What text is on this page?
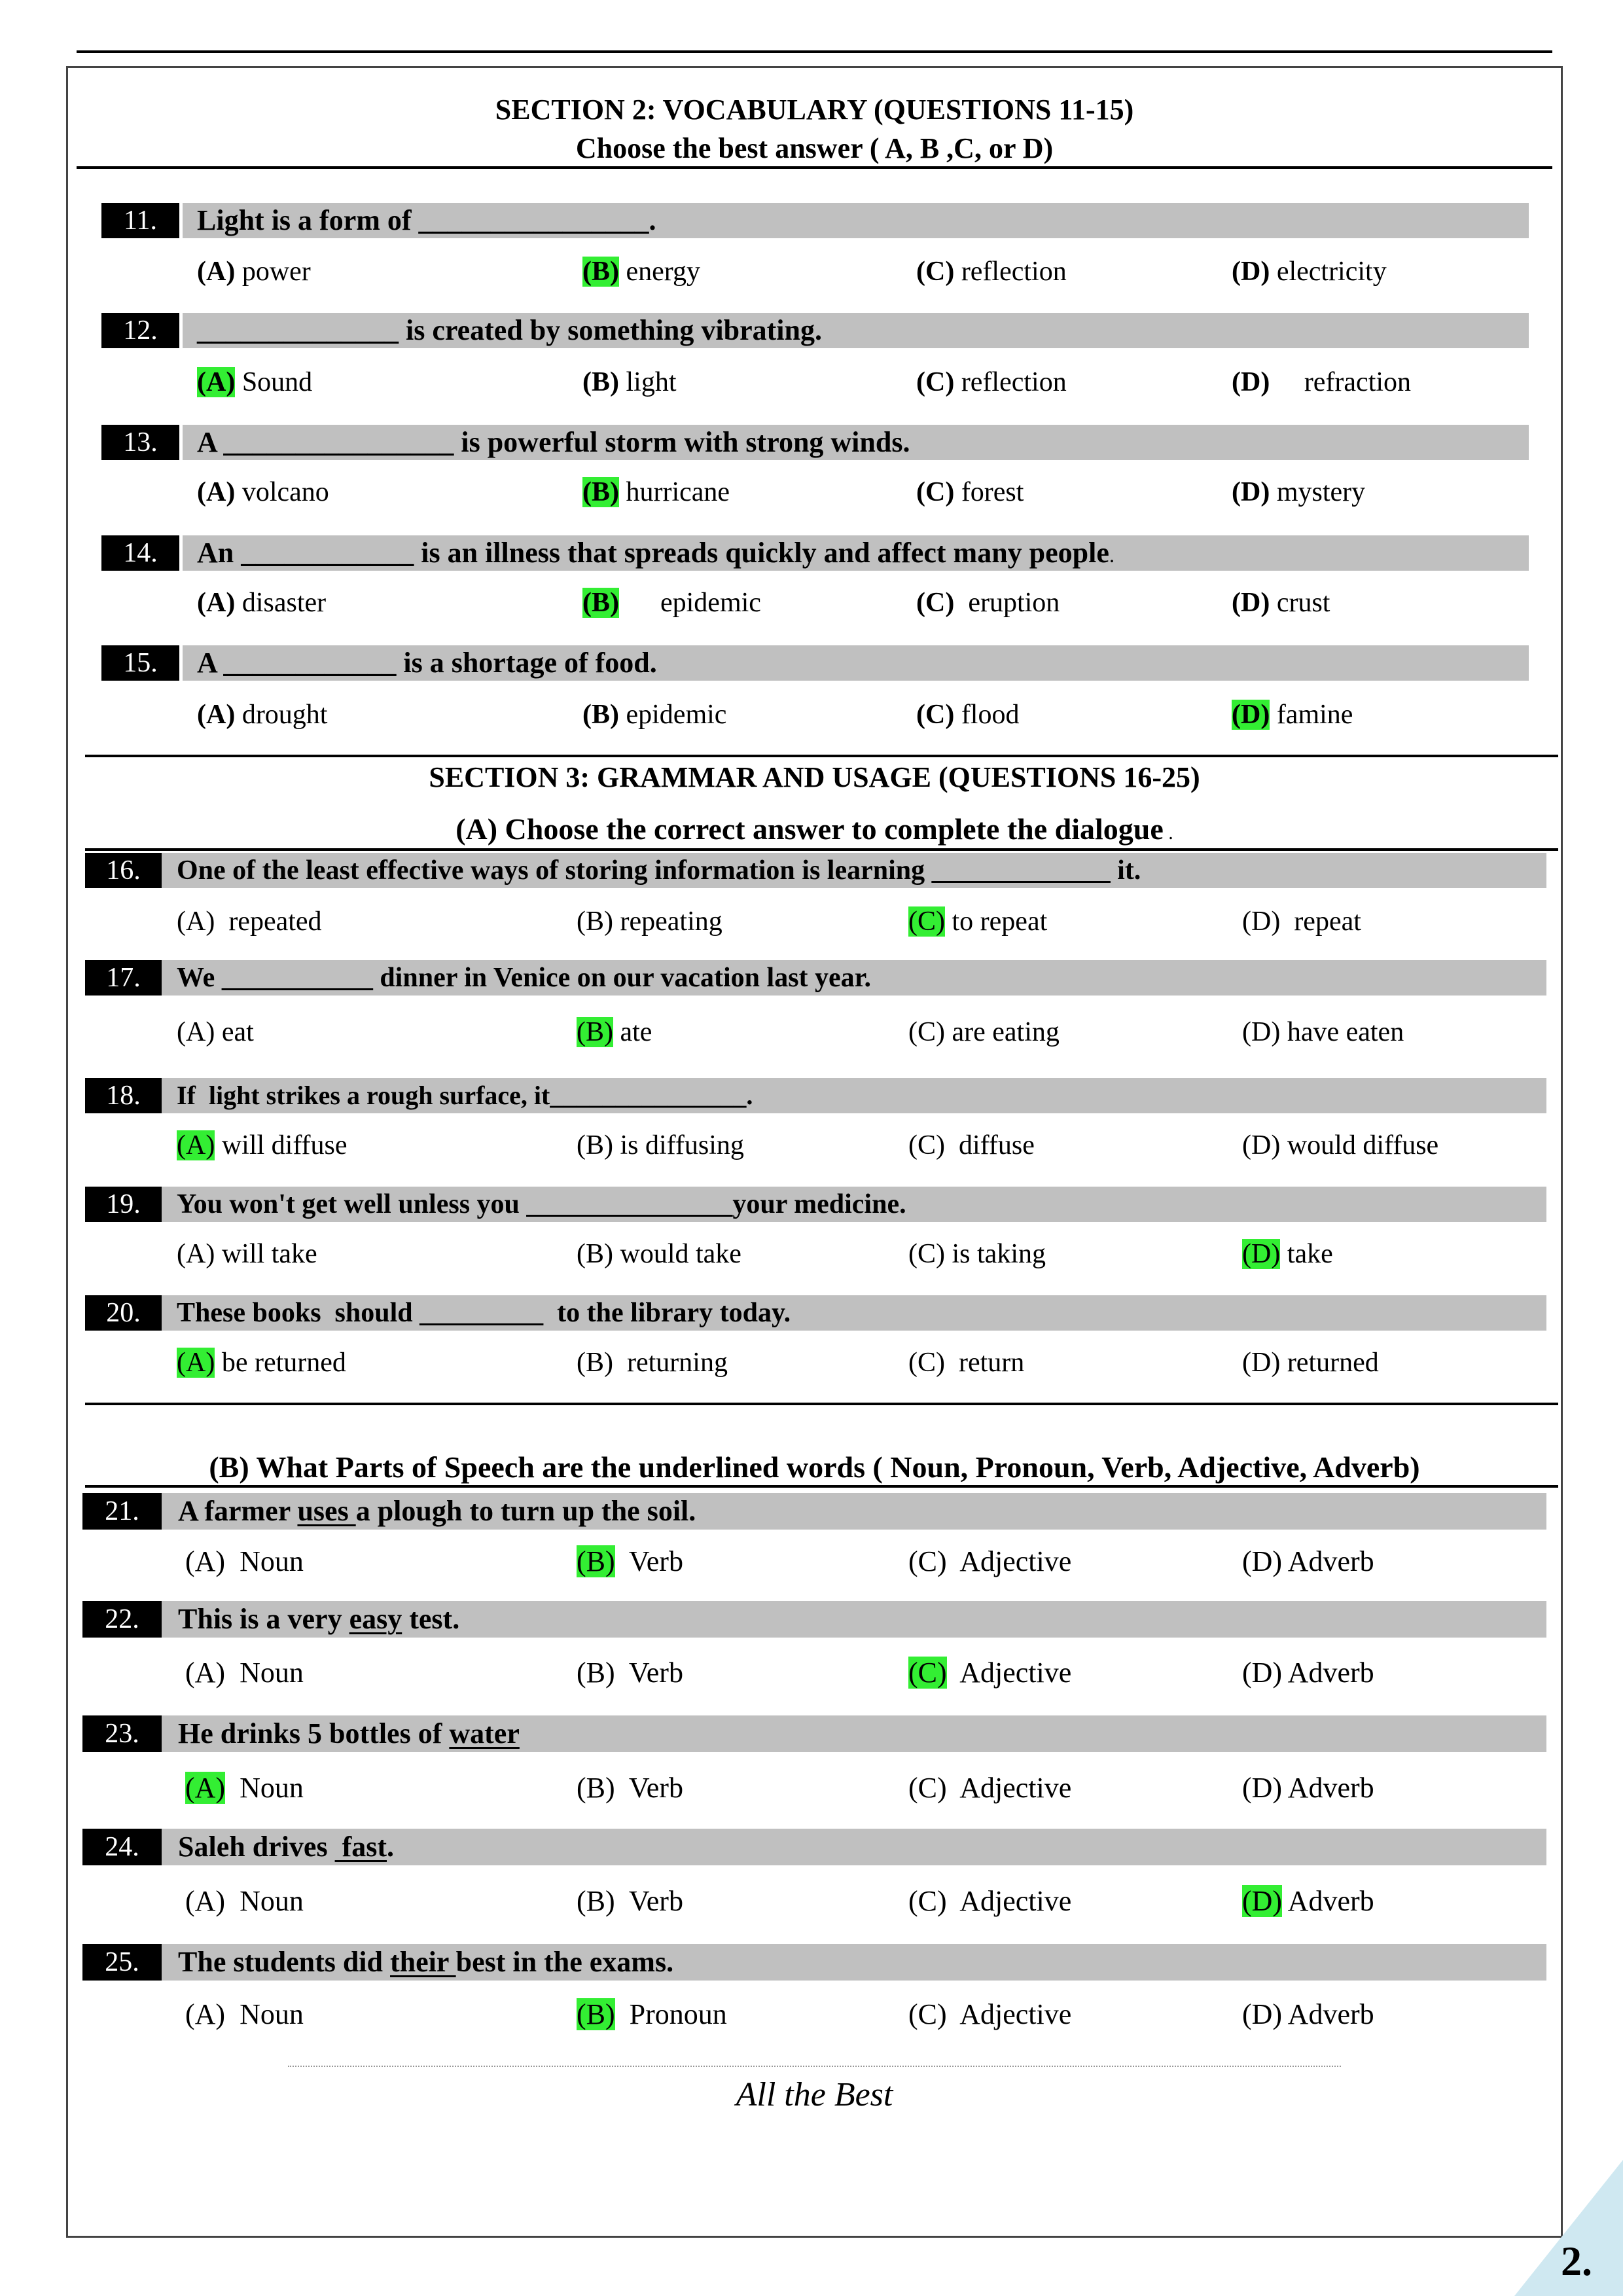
SECTION 2: VOCABULARY (QUESTIONS 11-15)
Choose the best answer ( A, B ,C, or D)
SECTION 3: GRAMMAR AND USAGE (QUESTIONS 16-25)
(A) Choose the correct answer to complete the dialogue .
(B) What Parts of Speech are the underlined words ( Noun, Pronoun, Verb, Adjective, Adverb)
All the Best
2.
11.	Light is a form of ________________.
(A) power	(B) energy	(C) reflection	(D) electricity
12.	______________ is created by something vibrating.
(A) Sound	(B) light	(C) reflection	(D)     refraction
13.	A ________________ is powerful storm with strong winds.
(A) volcano	(B) hurricane	(C) forest	(D) mystery
14.	An ____________ is an illness that spreads quickly and affect many people.
(A) disaster	(B)      epidemic	(C)  eruption	(D) crust
15.	A ____________ is a shortage of food.
(A) drought	(B) epidemic	(C) flood	(D) famine
16.	One of the least effective ways of storing information is learning _____________ it.
(A)  repeated	(B) repeating	(C) to repeat	(D)  repeat
17.	We ___________ dinner in Venice on our vacation last year.
(A) eat	(B) ate	(C) are eating	(D) have eaten
18.	If  light strikes a rough surface, it_______________.
(A) will diffuse	(B) is diffusing	(C)  diffuse	(D) would diffuse
19.	You won't get well unless you _______________your medicine.
(A) will take	(B) would take	(C) is taking	(D) take
20.	These books  should _________  to the library today.
(A) be returned	(B)  returning	(C)  return	(D) returned
21.	A farmer uses a plough to turn up the soil.
(A)  Noun	(B)  Verb	(C)  Adjective	(D) Adverb
22.	This is a very easy test.
(A)  Noun	(B)  Verb	(C)  Adjective	(D) Adverb
23.	He drinks 5 bottles of water
(A)  Noun	(B)  Verb	(C)  Adjective	(D) Adverb
24.	Saleh drives  fast.
(A)  Noun	(B)  Verb	(C)  Adjective	(D) Adverb
25.	The students did their best in the exams.
(A)  Noun	(B)  Pronoun	(C)  Adjective	(D) Adverb
